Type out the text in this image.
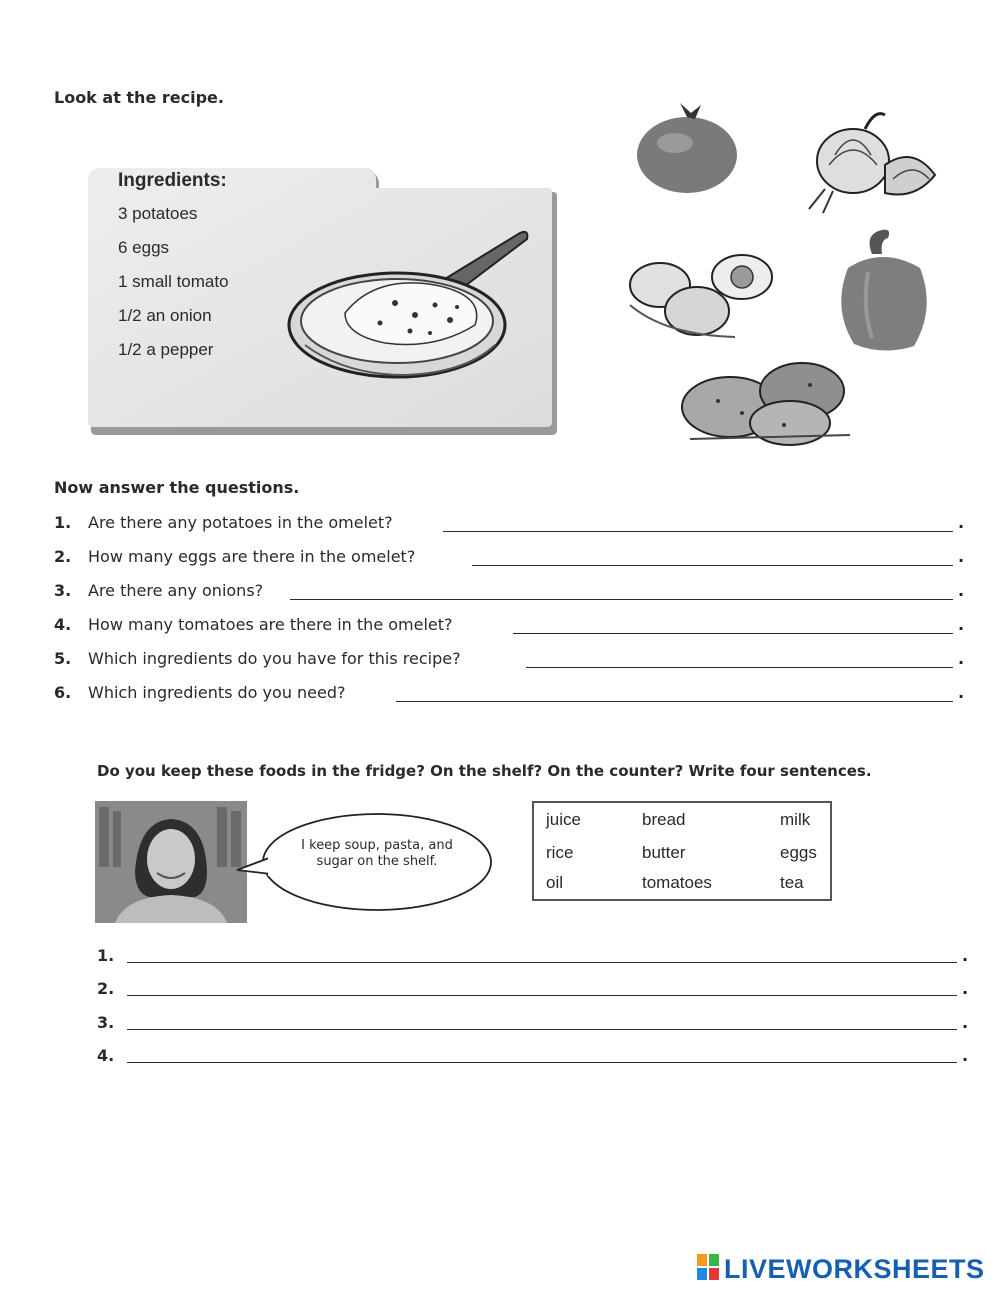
Look at the recipe.
Ingredients:
3 potatoes
6 eggs
1 small tomato
1/2 an onion
1/2 a pepper
Now answer the questions.
1. Are there any potatoes in the omelet?	.
2. How many eggs are there in the omelet?	.
3. Are there any onions?	.
4. How many tomatoes are there in the omelet?	.
5. Which ingredients do you have for this recipe?	.
6. Which ingredients do you need?	.
Do you keep these foods in the fridge? On the shelf? On the counter? Write four sentences.
I keep soup, pasta, and sugar on the shelf.
juice	bread	milk
rice	butter	eggs
oil	tomatoes	tea
1.	.
2.	.
3.	.
4.	.
LIVEWORKSHEETS
